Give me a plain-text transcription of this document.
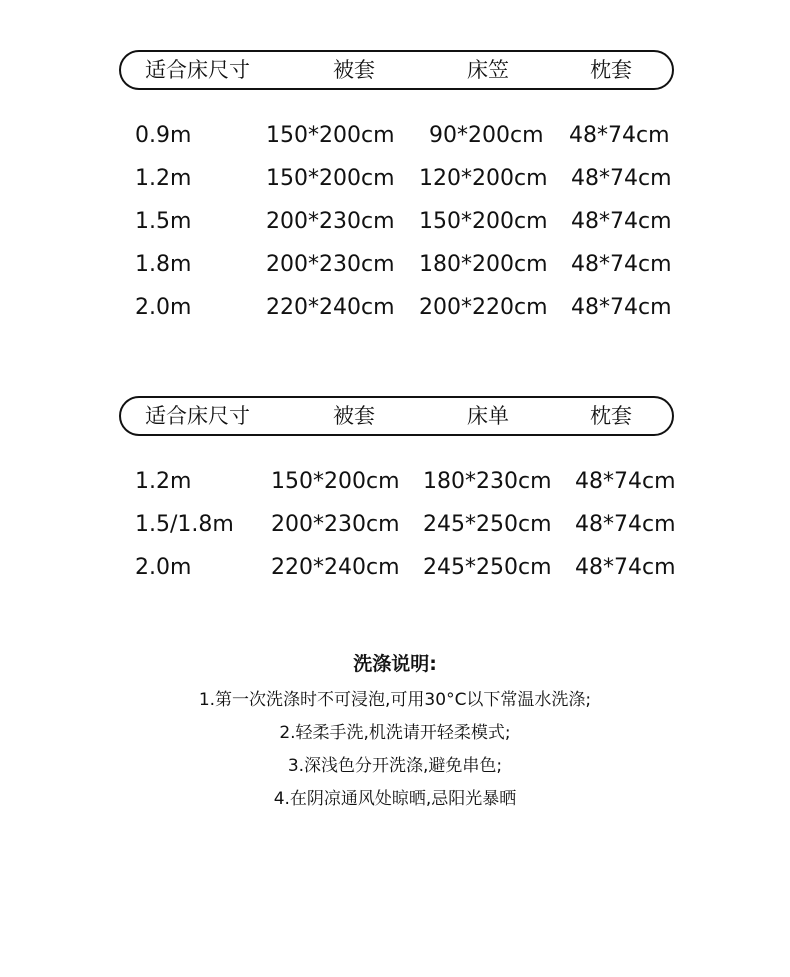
适合床尺寸	被套	床笠	枕套
0.9m	150*200cm 90*200cm 48*74cm
1.2m	150*200cm 120*200cm 48*74cm
1.5m	200*230cm 150*200cm 48*74cm
1.8m	200*230cm 180*200cm 48*74cm
2.0m	220*240cm 200*220cm 48*74cm
适合床尺寸	被套	床单	枕套
1.2m	150*200cm 180*230cm 48*74cm
1.5/1.8m 200*230cm 245*250cm 48*74cm
2.0m	220*240cm 245*250cm 48*74cm
洗涤说明:
1.第一次洗涤时不可浸泡,可用30°C以下常温水洗涤;
2.轻柔手洗,机洗请开轻柔模式;
3.深浅色分开洗涤,避免串色;
4.在阴凉通风处晾晒,忌阳光暴晒
